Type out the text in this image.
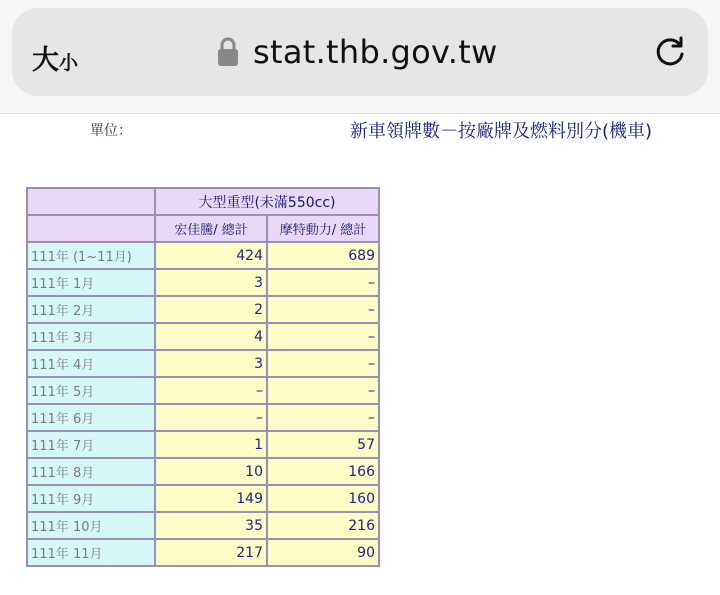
大小	stat.thb.gov.tw
單位：	新車領牌數－按廠牌及燃料別分(機車)
	大型重型(未滿550cc)	
	宏佳騰/ 總計	摩特動力/ 總計
111年 (1~11月)	424	689
111年 1月	3	–
111年 2月	2	–
111年 3月	4	–
111年 4月	3	–
111年 5月	–	–
111年 6月	–	–
111年 7月	1	57
111年 8月	10	166
111年 9月	149	160
111年 10月	35	216
111年 11月	217	90
